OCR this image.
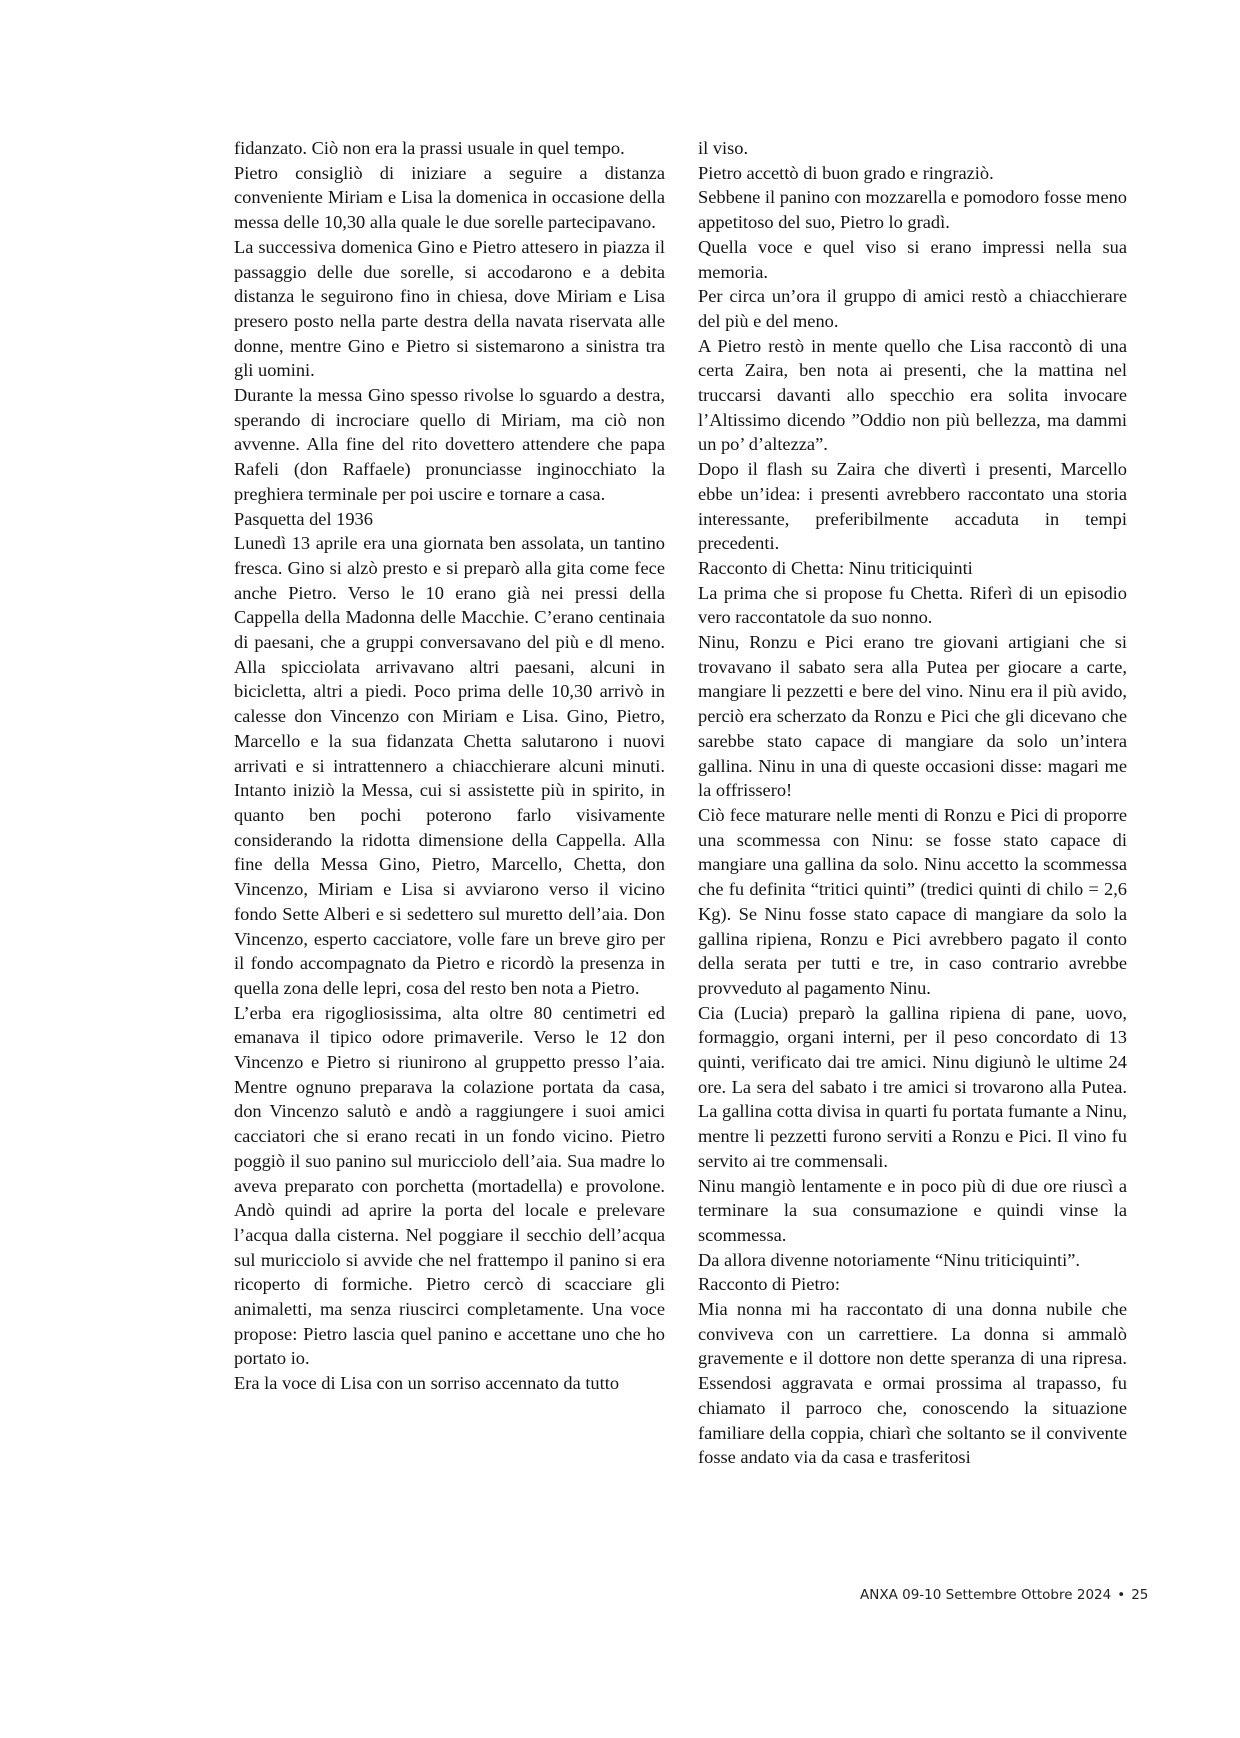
fidanzato. Ciò non era la prassi usuale in quel tempo.

Pietro consigliò di iniziare a seguire a distanza conveniente Miriam e Lisa la domenica in occasione della messa delle 10,30 alla quale le due sorelle partecipavano.

La successiva domenica Gino e Pietro attesero in piazza il passaggio delle due sorelle, si accodarono e a debita distanza le seguirono fino in chiesa, dove Miriam e Lisa presero posto nella parte destra della navata riservata alle donne, mentre Gino e Pietro si sistemarono a sinistra tra gli uomini.

Durante la messa Gino spesso rivolse lo sguardo a destra, sperando di incrociare quello di Miriam, ma ciò non avvenne. Alla fine del rito dovettero attendere che papa Rafeli (don Raffaele) pronunciasse inginocchiato la preghiera terminale per poi uscire e tornare a casa.

Pasquetta del 1936

Lunedì 13 aprile era una giornata ben assolata, un tantino fresca. Gino si alzò presto e si preparò alla gita come fece anche Pietro. Verso le 10 erano già nei pressi della Cappella della Madonna delle Macchie. C’erano centinaia di paesani, che a gruppi conversavano del più e dl meno. Alla spicciolata arrivavano altri paesani, alcuni in bicicletta, altri a piedi. Poco prima delle 10,30 arrivò in calesse don Vincenzo con Miriam e Lisa. Gino, Pietro, Marcello e la sua fidanzata Chetta salutarono i nuovi arrivati e si intrattennero a chiacchierare alcuni minuti. Intanto iniziò la Messa, cui si assistette più in spirito, in quanto ben pochi poterono farlo visivamente considerando la ridotta dimensione della Cappella. Alla fine della Messa Gino, Pietro, Marcello, Chetta, don Vincenzo, Miriam e Lisa si avviarono verso il vicino fondo Sette Alberi e si sedettero sul muretto dell’aia. Don Vincenzo, esperto cacciatore, volle fare un breve giro per il fondo accompagnato da Pietro e ricordò la presenza in quella zona delle lepri, cosa del resto ben nota a Pietro.

L’erba era rigogliosissima, alta oltre 80 centimetri ed emanava il tipico odore primaverile. Verso le 12 don Vincenzo e Pietro si riunirono al gruppetto presso l’aia. Mentre ognuno preparava la colazione portata da casa, don Vincenzo salutò e andò a raggiungere i suoi amici cacciatori che si erano recati in un fondo vicino. Pietro poggiò il suo panino sul muricciolo dell’aia. Sua madre lo aveva preparato con porchetta (mortadella) e provolone. Andò quindi ad aprire la porta del locale e prelevare l’acqua dalla cisterna. Nel poggiare il secchio dell’acqua sul muricciolo si avvide che nel frattempo il panino si era ricoperto di formiche. Pietro cercò di scacciare gli animaletti, ma senza riuscirci completamente. Una voce propose: Pietro lascia quel panino e accettane uno che ho portato io.

Era la voce di Lisa con un sorriso accennato da tutto

il viso.

Pietro accettò di buon grado e ringraziò.

Sebbene il panino con mozzarella e pomodoro fosse meno appetitoso del suo, Pietro lo gradì.

Quella voce e quel viso si erano impressi nella sua memoria.

Per circa un’ora il gruppo di amici restò a chiacchierare del più e del meno.

A Pietro restò in mente quello che Lisa raccontò di una certa Zaira, ben nota ai presenti, che la mattina nel truccarsi davanti allo specchio era solita invocare l’Altissimo dicendo ”Oddio non più bellezza, ma dammi un po’ d’altezza”.

Dopo il flash su Zaira che divertì i presenti, Marcello ebbe un’idea: i presenti avrebbero raccontato una storia interessante, preferibilmente accaduta in tempi precedenti.

Racconto di Chetta: Ninu triticiquinti

La prima che si propose fu Chetta. Riferì di un episodio vero raccontatole da suo nonno.

Ninu, Ronzu e Pici erano tre giovani artigiani che si trovavano il sabato sera alla Putea per giocare a carte, mangiare li pezzetti e bere del vino. Ninu era il più avido, perciò era scherzato da Ronzu e Pici che gli dicevano che sarebbe stato capace di mangiare da solo un’intera gallina. Ninu in una di queste occasioni disse: magari me la offrissero!

Ciò fece maturare nelle menti di Ronzu e Pici di proporre una scommessa con Ninu: se fosse stato capace di mangiare una gallina da solo. Ninu accetto la scommessa che fu definita “tritici quinti” (tredici quinti di chilo = 2,6 Kg). Se Ninu fosse stato capace di mangiare da solo la gallina ripiena, Ronzu e Pici avrebbero pagato il conto della serata per tutti e tre, in caso contrario avrebbe provveduto al pagamento Ninu.

Cia (Lucia) preparò la gallina ripiena di pane, uovo, formaggio, organi interni, per il peso concordato di 13 quinti, verificato dai tre amici. Ninu digiunò le ultime 24 ore. La sera del sabato i tre amici si trovarono alla Putea. La gallina cotta divisa in quarti fu portata fumante a Ninu, mentre li pezzetti furono serviti a Ronzu e Pici. Il vino fu servito ai tre commensali.

Ninu mangiò lentamente e in poco più di due ore riuscì a terminare la sua consumazione e quindi vinse la scommessa.

Da allora divenne notoriamente “Ninu triticiquinti”.

Racconto di Pietro:

Mia nonna mi ha raccontato di una donna nubile che conviveva con un carrettiere. La donna si ammalò gravemente e il dottore non dette speranza di una ripresa. Essendosi aggravata e ormai prossima al trapasso, fu chiamato il parroco che, conoscendo la situazione familiare della coppia, chiarì che soltanto se il convivente fosse andato via da casa e trasferitosi

ANXA 09-10 Settembre Ottobre 2024 • 25
